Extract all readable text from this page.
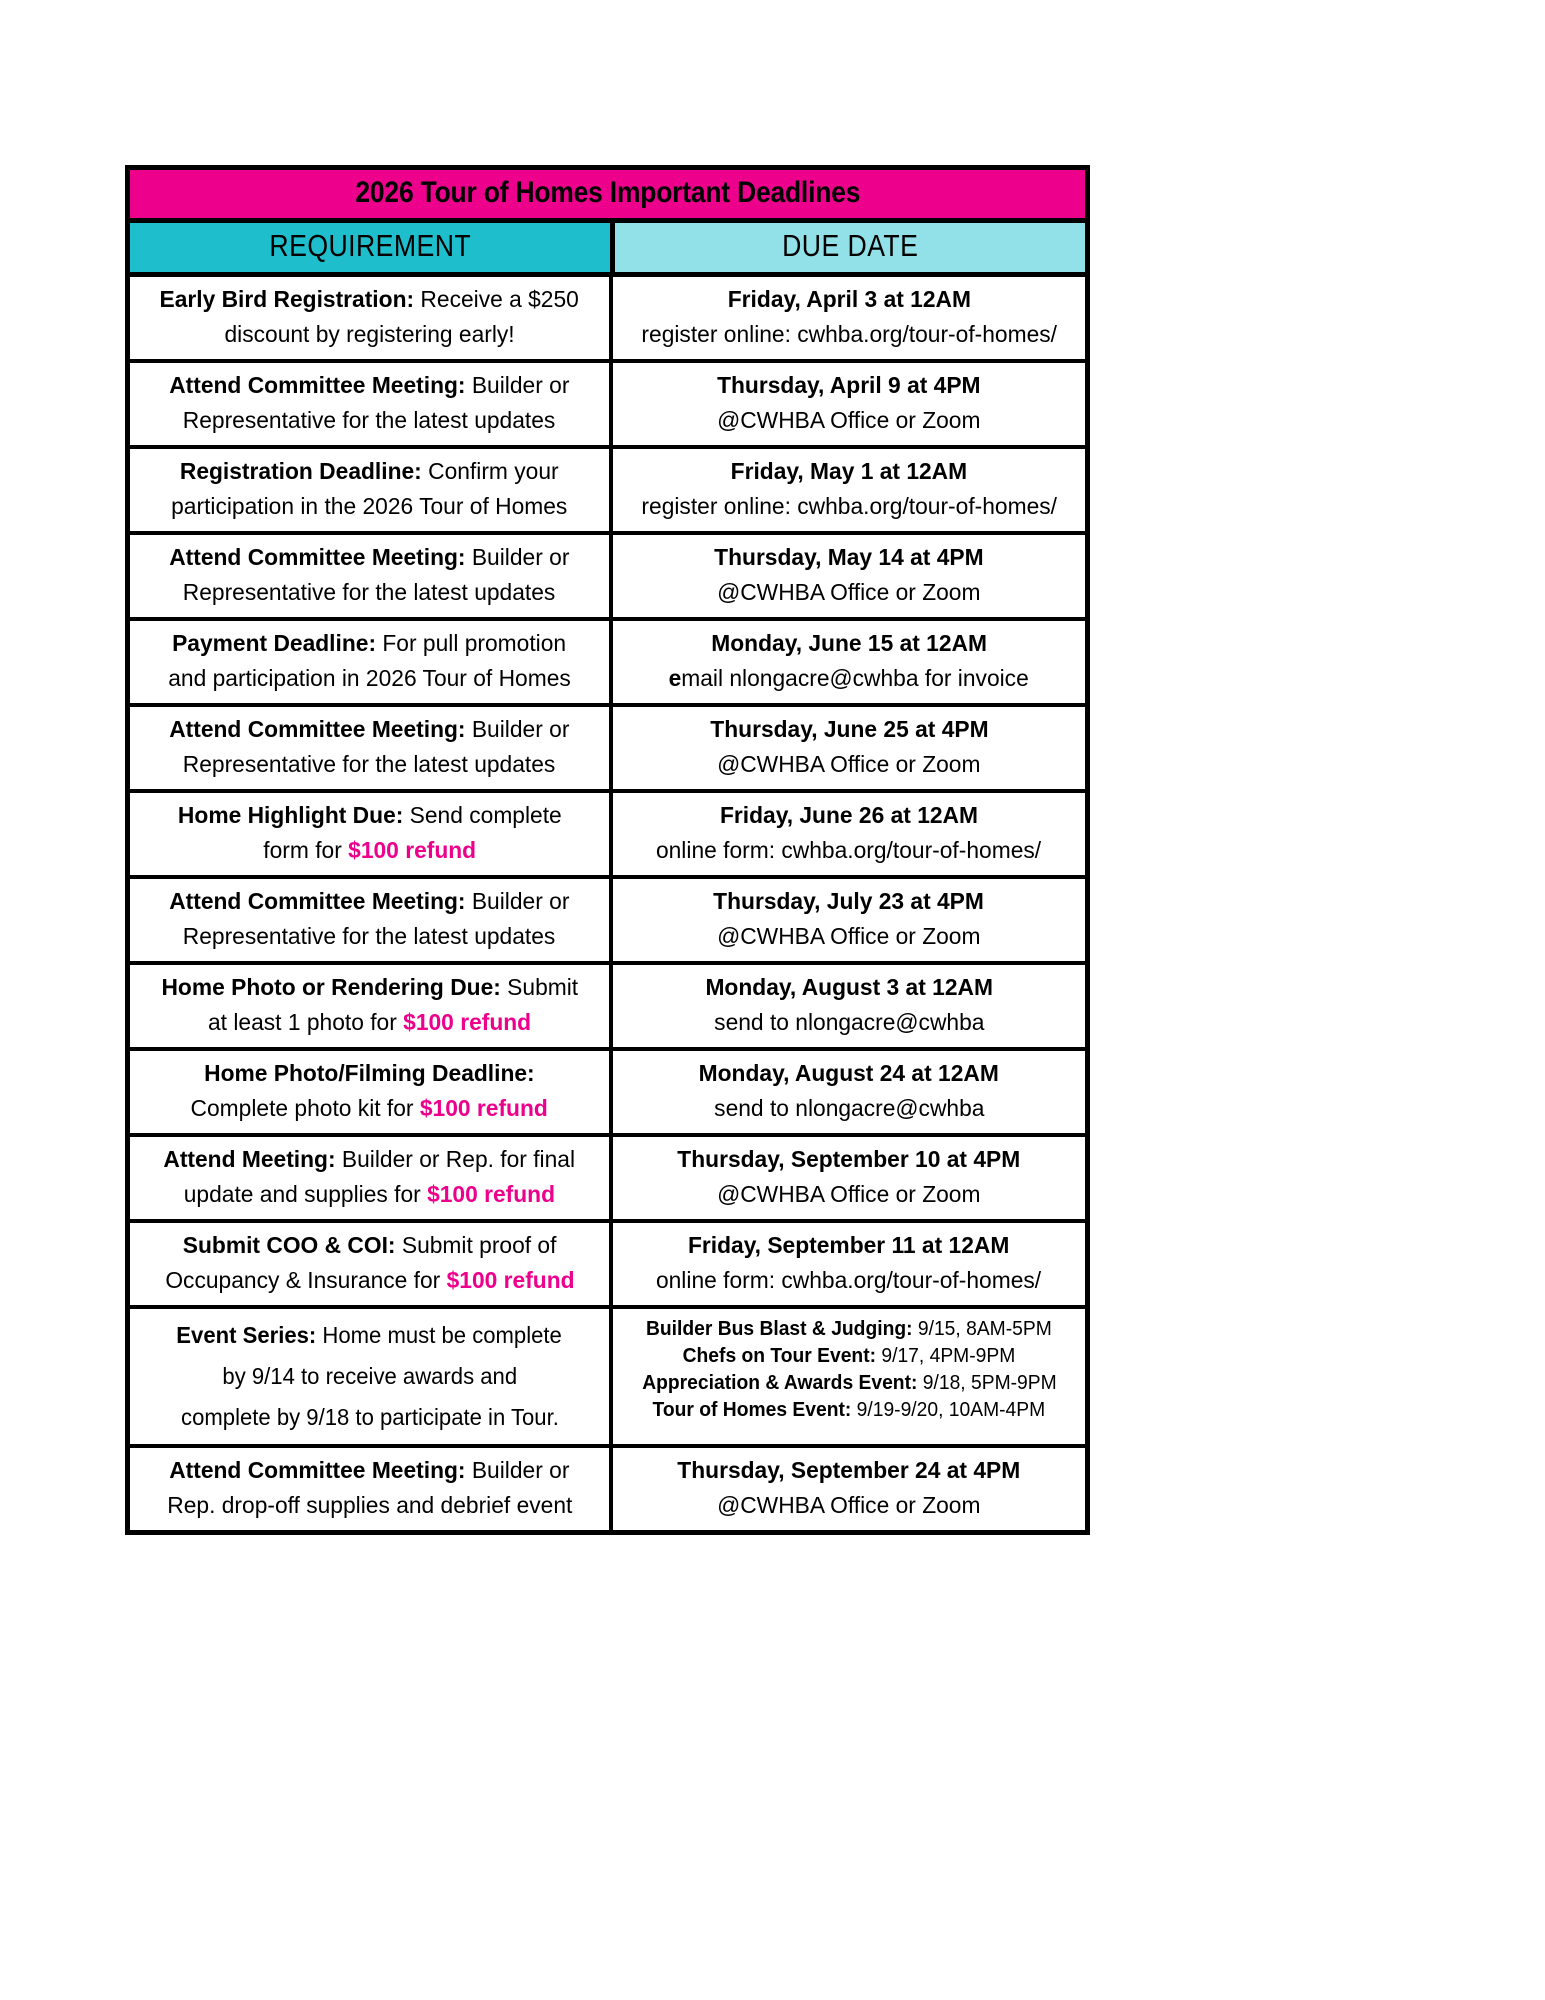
2026 Tour of Homes Important Deadlines
REQUIREMENT	DUE DATE
Early Bird Registration: Receive a $250
discount by registering early!
Friday, April 3 at 12AM
register online: cwhba.org/tour-of-homes/
Attend Committee Meeting: Builder or
Representative for the latest updates
Thursday, April 9 at 4PM
@CWHBA Office or Zoom
Registration Deadline: Confirm your
participation in the 2026 Tour of Homes
Friday, May 1 at 12AM
register online: cwhba.org/tour-of-homes/
Attend Committee Meeting: Builder or
Representative for the latest updates
Thursday, May 14 at 4PM
@CWHBA Office or Zoom
Payment Deadline: For pull promotion
and participation in 2026 Tour of Homes
Monday, June 15 at 12AM
email nlongacre@cwhba for invoice
Attend Committee Meeting: Builder or
Representative for the latest updates
Thursday, June 25 at 4PM
@CWHBA Office or Zoom
Home Highlight Due: Send complete
form for $100 refund
Friday, June 26 at 12AM
online form: cwhba.org/tour-of-homes/
Attend Committee Meeting: Builder or
Representative for the latest updates
Thursday, July 23 at 4PM
@CWHBA Office or Zoom
Home Photo or Rendering Due: Submit
at least 1 photo for $100 refund
Monday, August 3 at 12AM
send to nlongacre@cwhba
Home Photo/Filming Deadline:
Complete photo kit for $100 refund
Monday, August 24 at 12AM
send to nlongacre@cwhba
Attend Meeting: Builder or Rep. for final
update and supplies for $100 refund
Thursday, September 10 at 4PM
@CWHBA Office or Zoom
Submit COO & COI: Submit proof of
Occupancy & Insurance for $100 refund
Friday, September 11 at 12AM
online form: cwhba.org/tour-of-homes/
Event Series: Home must be complete
by 9/14 to receive awards and
complete by 9/18 to participate in Tour.
Builder Bus Blast & Judging: 9/15, 8AM-5PM
Chefs on Tour Event: 9/17, 4PM-9PM
Appreciation & Awards Event: 9/18, 5PM-9PM
Tour of Homes Event: 9/19-9/20, 10AM-4PM
Attend Committee Meeting: Builder or
Rep. drop-off supplies and debrief event
Thursday, September 24 at 4PM
@CWHBA Office or Zoom
